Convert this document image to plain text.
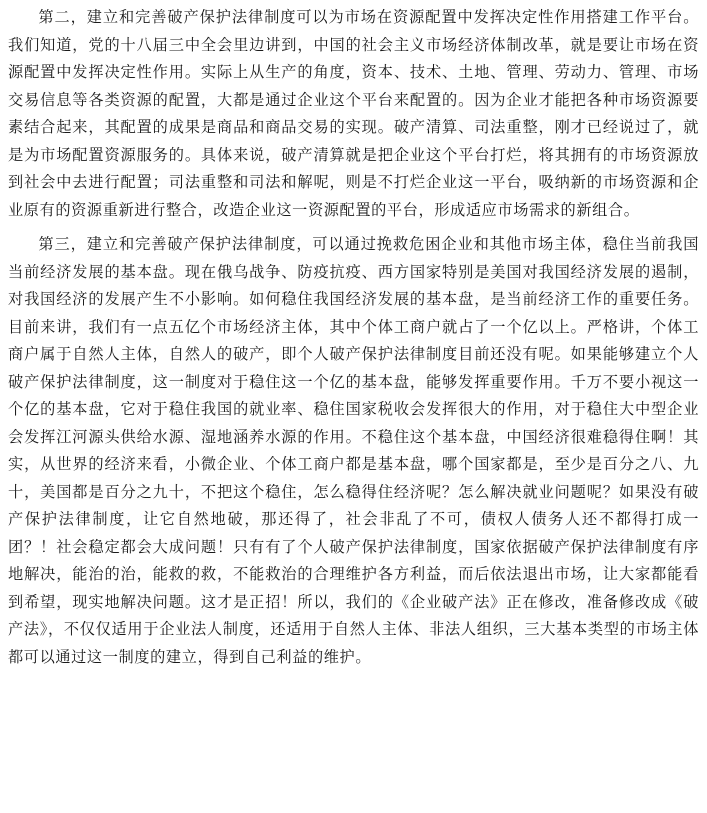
第二，建立和完善破产保护法律制度可以为市场在资源配置中发挥决定性作用搭建工作平台。我们知道，党的十八届三中全会里边讲到，中国的社会主义市场经济体制改革，就是要让市场在资源配置中发挥决定性作用。实际上从生产的角度，资本、技术、土地、管理、劳动力、管理、市场交易信息等各类资源的配置，大都是通过企业这个平台来配置的。因为企业才能把各种市场资源要素结合起来，其配置的成果是商品和商品交易的实现。破产清算、司法重整，刚才已经说过了，就是为市场配置资源服务的。具体来说，破产清算就是把企业这个平台打烂，将其拥有的市场资源放到社会中去进行配置；司法重整和司法和解呢，则是不打烂企业这一平台，吸纳新的市场资源和企业原有的资源重新进行整合，改造企业这一资源配置的平台，形成适应市场需求的新组合。

第三，建立和完善破产保护法律制度，可以通过挽救危困企业和其他市场主体，稳住当前我国当前经济发展的基本盘。现在俄乌战争、防疫抗疫、西方国家特别是美国对我国经济发展的遏制，对我国经济的发展产生不小影响。如何稳住我国经济发展的基本盘，是当前经济工作的重要任务。目前来讲，我们有一点五亿个市场经济主体，其中个体工商户就占了一个亿以上。严格讲，个体工商户属于自然人主体，自然人的破产，即个人破产保护法律制度目前还没有呢。如果能够建立个人破产保护法律制度，这一制度对于稳住这一个亿的基本盘，能够发挥重要作用。千万不要小视这一个亿的基本盘，它对于稳住我国的就业率、稳住国家税收会发挥很大的作用，对于稳住大中型企业会发挥江河源头供给水源、湿地涵养水源的作用。不稳住这个基本盘，中国经济很难稳得住啊！其实，从世界的经济来看，小微企业、个体工商户都是基本盘，哪个国家都是，至少是百分之八、九十，美国都是百分之九十，不把这个稳住，怎么稳得住经济呢？怎么解决就业问题呢？如果没有破产保护法律制度，让它自然地破，那还得了，社会非乱了不可，债权人债务人还不都得打成一团？！社会稳定都会大成问题！只有有了个人破产保护法律制度，国家依据破产保护法律制度有序地解决，能治的治，能救的救，不能救治的合理维护各方利益，而后依法退出市场，让大家都能看到希望，现实地解决问题。这才是正招！所以，我们的《企业破产法》正在修改，准备修改成《破产法》，不仅仅适用于企业法人制度，还适用于自然人主体、非法人组织，三大基本类型的市场主体都可以通过这一制度的建立，得到自己利益的维护。
